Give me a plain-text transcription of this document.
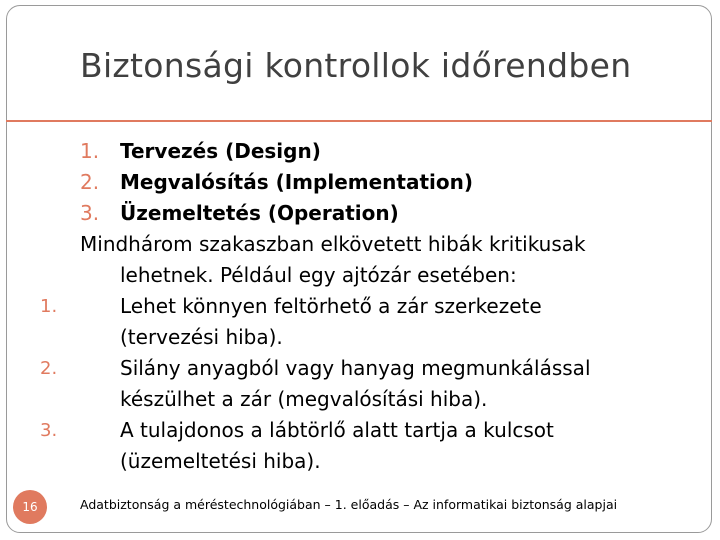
Biztonsági kontrollok időrendben
1. Tervezés (Design)
2. Megvalósítás (Implementation)
3. Üzemeltetés (Operation)
Mindhárom szakaszban elkövetett hibák kritikusak
lehetnek. Például egy ajtózár esetében:
1.	Lehet könnyen feltörhető a zár szerkezete
(tervezési hiba).
2.	Silány anyagból vagy hanyag megmunkálással
készülhet a zár (megvalósítási hiba).
3.	A tulajdonos a lábtörlő alatt tartja a kulcsot
(üzemeltetési hiba).
16	Adatbiztonság a méréstechnológiában – 1. előadás – Az informatikai biztonság alapjai
